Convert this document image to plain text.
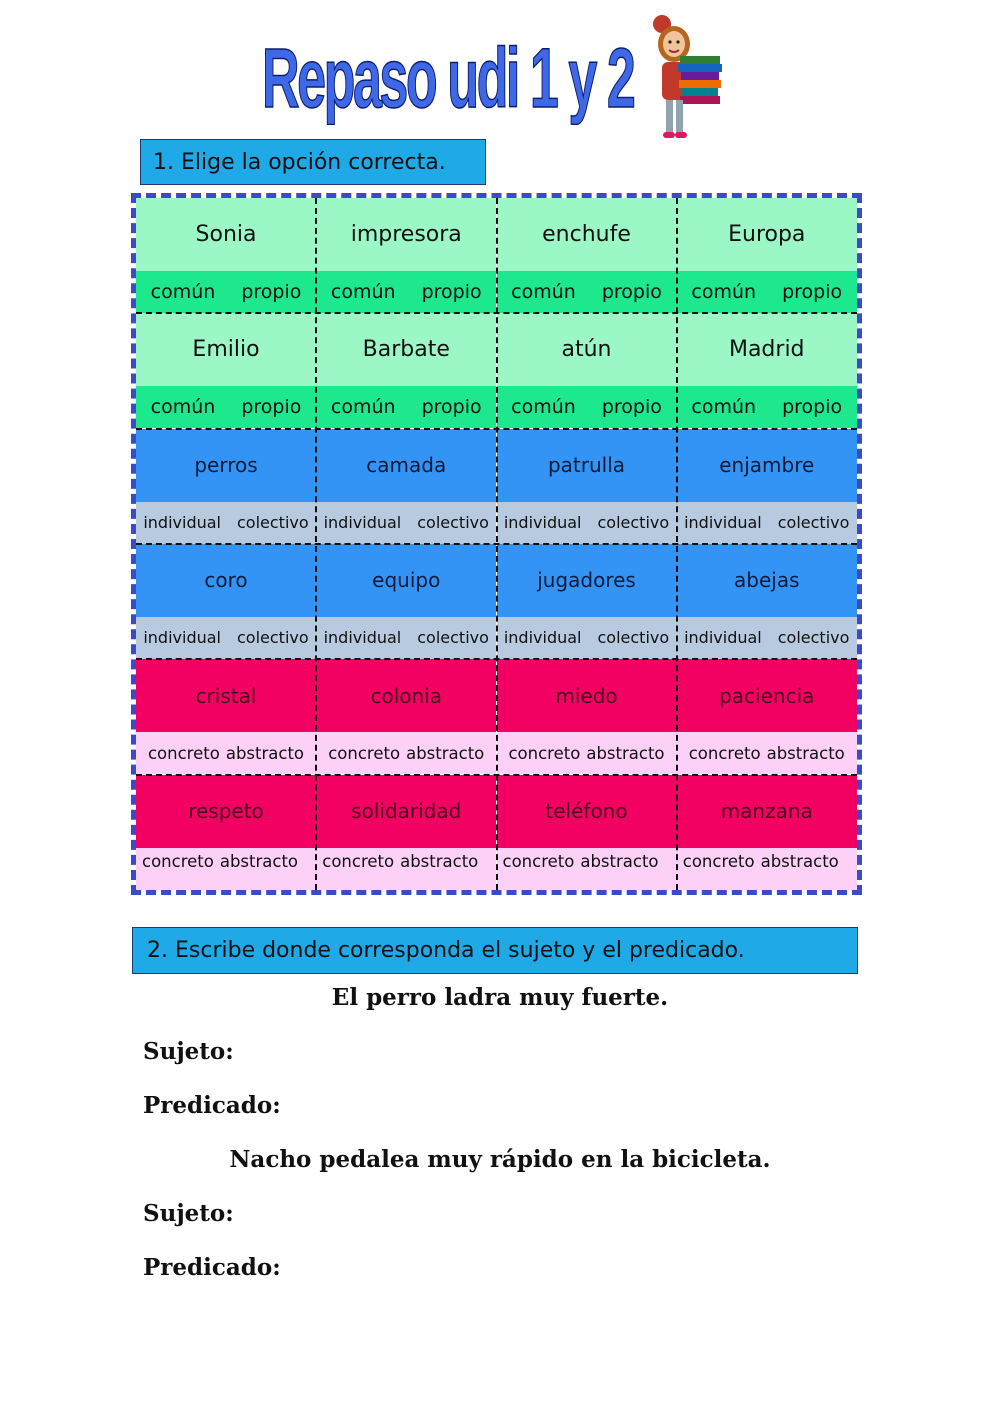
Repaso udi 1 y 2
1. Elige la opción correcta.
Sonia
común propio
impresora
común propio
enchufe
común propio
Europa
común propio
Emilio
común propio
Barbate
común propio
atún
común propio
Madrid
común propio
perros
individual colectivo
camada
individual colectivo
patrulla
individual colectivo
enjambre
individual colectivo
coro
individual colectivo
equipo
individual colectivo
jugadores
individual colectivo
abejas
individual colectivo
cristal
concreto abstracto
colonia
concreto abstracto
miedo
concreto abstracto
paciencia
concreto abstracto
respeto
concreto abstracto
solidaridad
concreto abstracto
teléfono
concreto abstracto
manzana
concreto abstracto
2. Escribe donde corresponda el sujeto y el predicado.
El perro ladra muy fuerte.
Sujeto:
Predicado:
Nacho pedalea muy rápido en la bicicleta.
Sujeto:
Predicado:
